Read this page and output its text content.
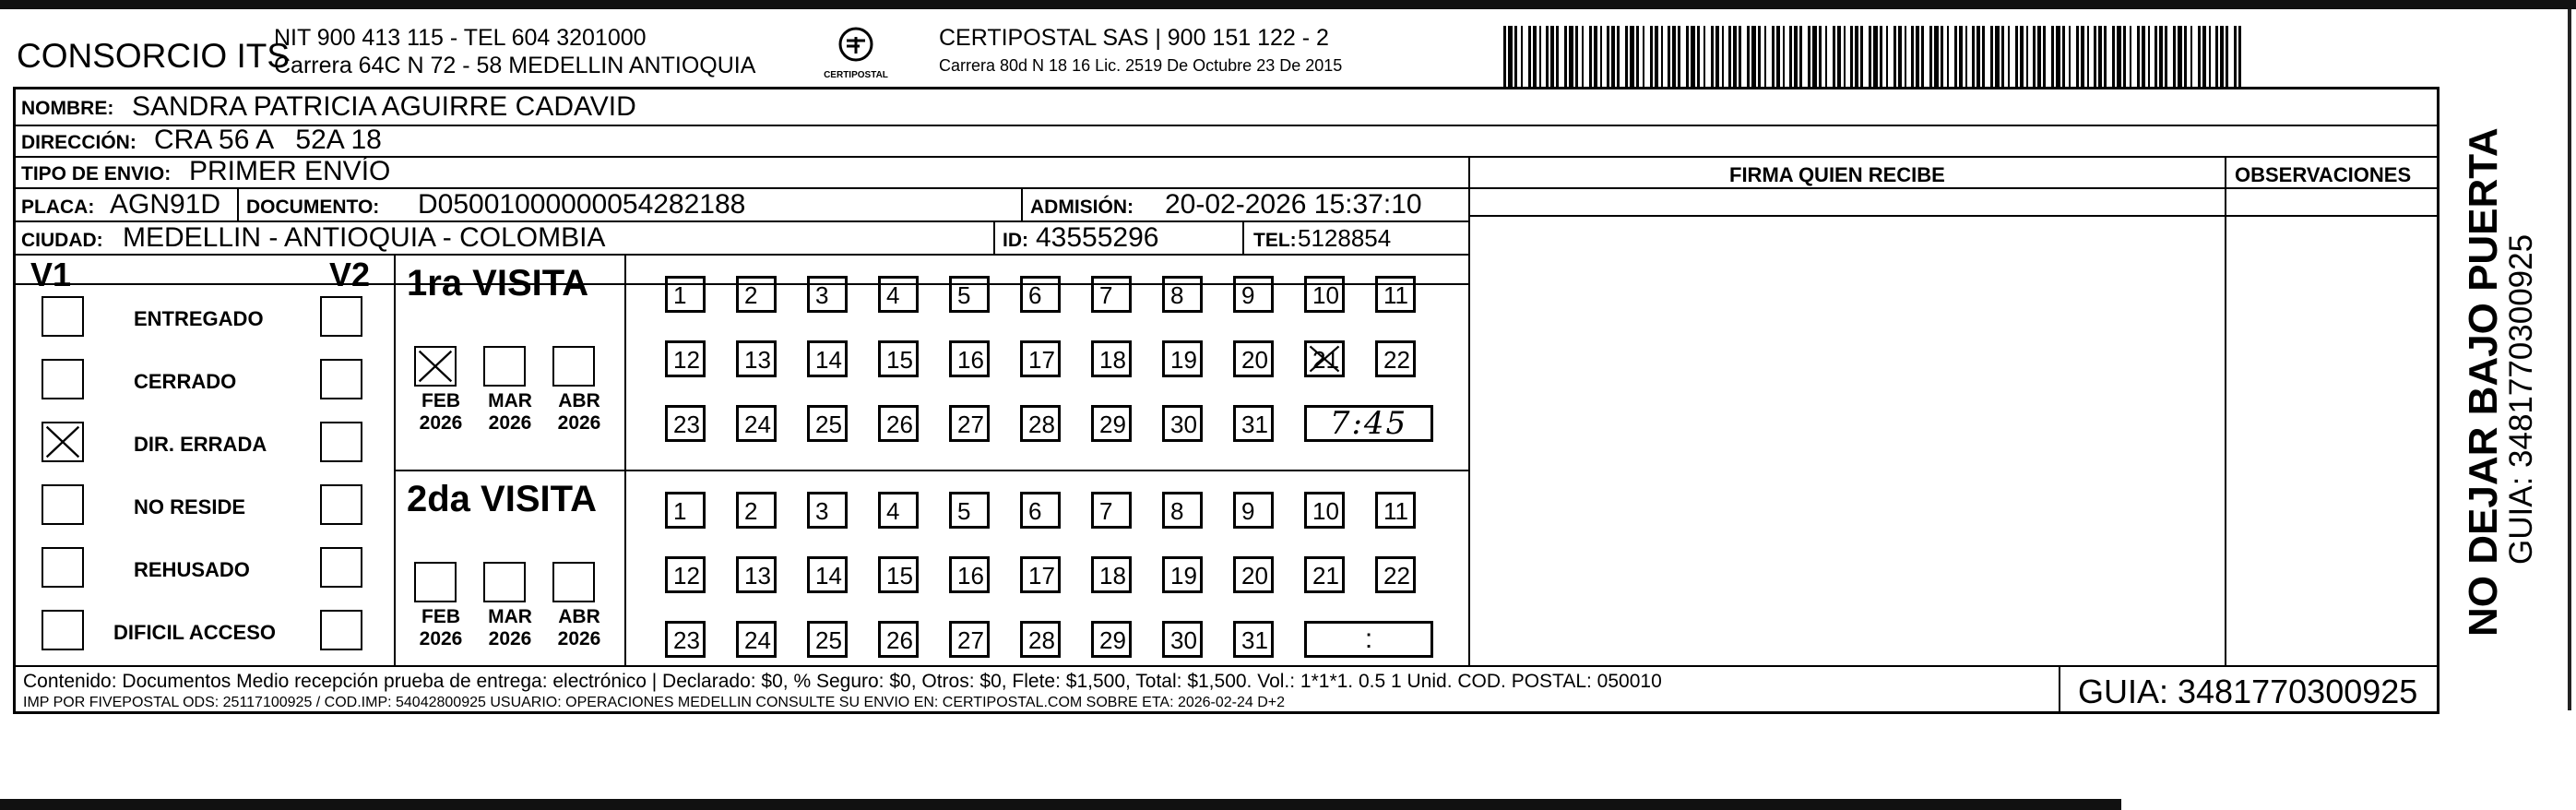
CONSORCIO ITS
NIT 900 413 115 - TEL 604 3201000
Carrera 64C N 72 - 58 MEDELLIN ANTIOQUIA	CERTIPOSTAL
CERTIPOSTAL SAS | 900 151 122 - 2
Carrera 80d N 18 16 Lic. 2519 De Octubre 23 De 2015
NOMBRE: SANDRA PATRICIA AGUIRRE CADAVID
DIRECCIÓN: CRA 56 A   52A 18
TIPO DE ENVIO: PRIMER ENVÍO	FIRMA QUIEN RECIBE	OBSERVACIONES
PLACA: AGN91D DOCUMENTO: D05001000000054282188	ADMISIÓN: 20-02-2026 15:37:10
CIUDAD: MEDELLIN - ANTIOQUIA - COLOMBIA	ID: 43555296	TEL: 5128854
V1	V2
ENTREGADO
CERRADO
DIR. ERRADA
NO RESIDE
REHUSADO
DIFICIL ACCESO
1ra VISITA
FEB
2026
MAR
2026
ABR
2026
1	2	3	4	5	6	7	8	9	10	11
12	13	14	15	16	17	18	19	20	21	22
23	24	25	26	27	28	29	30	31	7:45
2da VISITA
FEB
2026
MAR
2026
ABR
2026
1	2	3	4	5	6	7	8	9	10	11
12	13	14	15	16	17	18	19	20	21	22
23	24	25	26	27	28	29	30	31	:
Contenido: Documentos Medio recepción prueba de entrega: electrónico | Declarado: $0, % Seguro: $0, Otros: $0, Flete: $1,500, Total: $1,500. Vol.: 1*1*1. 0.5 1 Unid. COD. POSTAL: 050010
IMP POR FIVEPOSTAL ODS: 25117100925 / COD.IMP: 54042800925 USUARIO: OPERACIONES MEDELLIN CONSULTE SU ENVIO EN: CERTIPOSTAL.COM SOBRE ETA: 2026-02-24 D+2	GUIA: 3481770300925
NO DEJAR BAJO PUERTA
GUIA: 3481770300925
